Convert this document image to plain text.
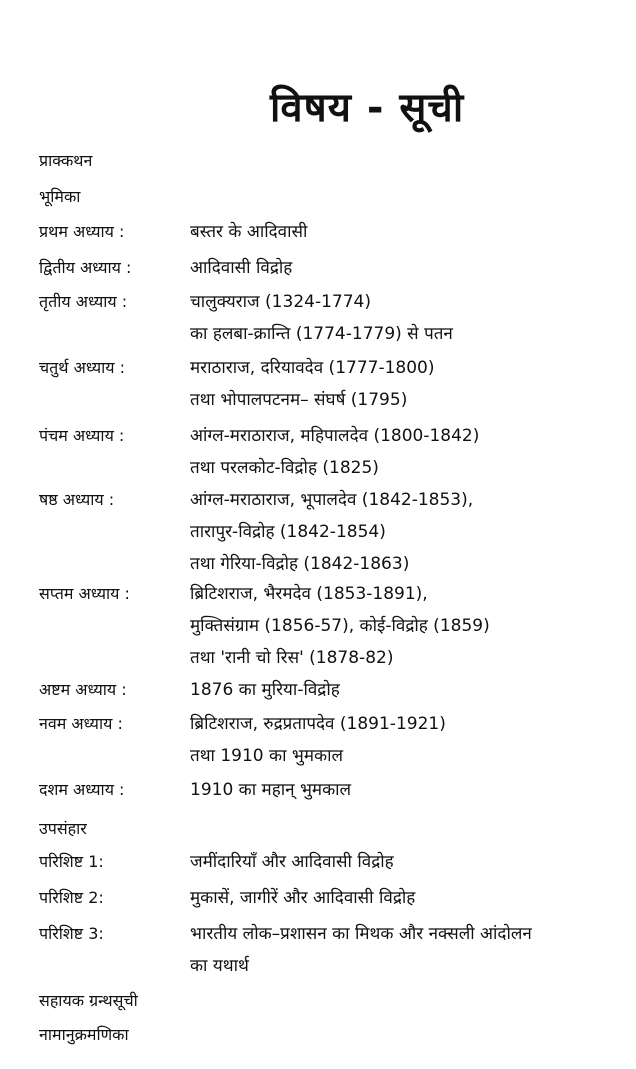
विषय - सूची
प्राक्कथन
भूमिका
प्रथम अध्याय :	बस्तर के आदिवासी
द्वितीय अध्याय :	आदिवासी विद्रोह
तृतीय अध्याय :	चालुक्यराज (1324-1774)
का हलबा-क्रान्ति (1774-1779) से पतन
चतुर्थ अध्याय :	मराठाराज, दरियावदेव (1777-1800)
तथा भोपालपटनम– संघर्ष (1795)
पंचम अध्याय :	आंग्ल-मराठाराज, महिपालदेव (1800-1842)
तथा परलकोट-विद्रोह (1825)
षष्ठ अध्याय :	आंग्ल-मराठाराज, भूपालदेव (1842-1853),
तारापुर-विद्रोह (1842-1854)
तथा गेरिया-विद्रोह (1842-1863)
सप्तम अध्याय :	ब्रिटिशराज, भैरमदेव (1853-1891),
मुक्तिसंग्राम (1856-57), कोई-विद्रोह (1859)
तथा 'रानी चो रिस' (1878-82)
अष्टम अध्याय :	1876 का मुरिया-विद्रोह
नवम अध्याय :	ब्रिटिशराज, रुद्रप्रतापदेव (1891-1921)
तथा 1910 का भुमकाल
दशम अध्याय :	1910 का महान् भुमकाल
उपसंहार
परिशिष्ट 1:	जमींदारियाँ और आदिवासी विद्रोह
परिशिष्ट 2:	मुकासें, जागीरें और आदिवासी विद्रोह
परिशिष्ट 3:	भारतीय लोक–प्रशासन का मिथक और नक्सली आंदोलन
का यथार्थ
सहायक ग्रन्थसूची
नामानुक्रमणिका
